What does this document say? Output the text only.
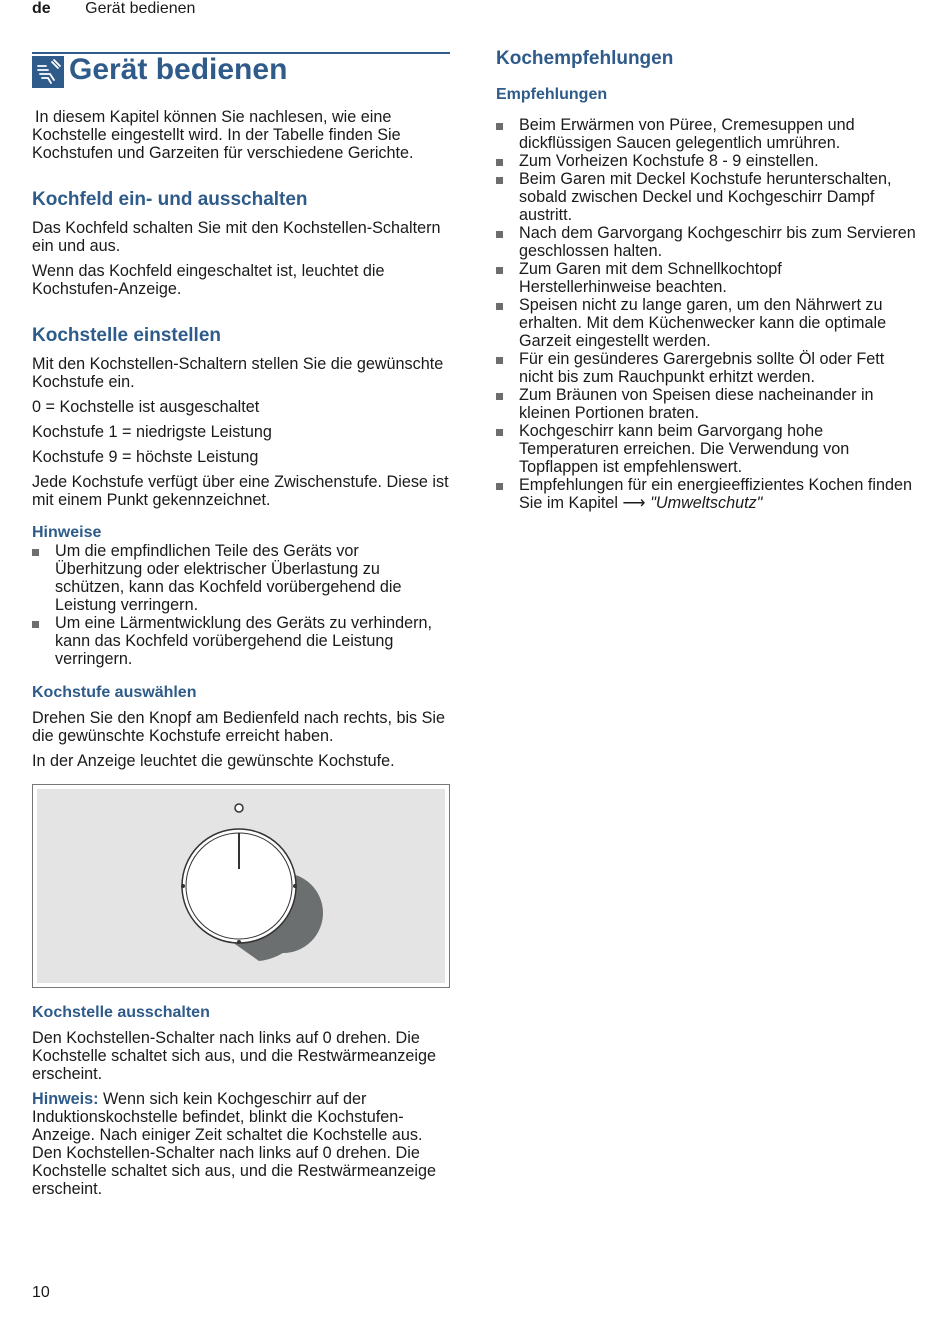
de Gerät bedienen
Gerät bedienen

In diesem Kapitel können Sie nachlesen, wie eine Kochstelle eingestellt wird. In der Tabelle finden Sie Kochstufen und Garzeiten für verschiedene Gerichte.

Kochfeld ein- und ausschalten

Das Kochfeld schalten Sie mit den Kochstellen-Schaltern ein und aus.

Wenn das Kochfeld eingeschaltet ist, leuchtet die Kochstufen-Anzeige.

Kochstelle einstellen

Mit den Kochstellen-Schaltern stellen Sie die gewünschte Kochstufe ein.

0 = Kochstelle ist ausgeschaltet

Kochstufe 1 = niedrigste Leistung

Kochstufe 9 = höchste Leistung

Jede Kochstufe verfügt über eine Zwischenstufe. Diese ist mit einem Punkt gekennzeichnet.

Hinweise
Um die empfindlichen Teile des Geräts vor Überhitzung oder elektrischer Überlastung zu schützen, kann das Kochfeld vorübergehend die Leistung verringern.
Um eine Lärmentwicklung des Geräts zu verhindern, kann das Kochfeld vorübergehend die Leistung verringern.
Kochstufe auswählen

Drehen Sie den Knopf am Bedienfeld nach rechts, bis Sie die gewünschte Kochstufe erreicht haben.

In der Anzeige leuchtet die gewünschte Kochstufe.

Kochstelle ausschalten

Den Kochstellen-Schalter nach links auf 0 drehen. Die Kochstelle schaltet sich aus, und die Restwärmeanzeige erscheint.

Hinweis: Wenn sich kein Kochgeschirr auf der Induktionskochstelle befindet, blinkt die Kochstufen-Anzeige. Nach einiger Zeit schaltet die Kochstelle aus. Den Kochstellen-Schalter nach links auf 0 drehen. Die Kochstelle schaltet sich aus, und die Restwärmeanzeige erscheint.

Kochempfehlungen
Empfehlungen
Beim Erwärmen von Püree, Cremesuppen und dickflüssigen Saucen gelegentlich umrühren.
Zum Vorheizen Kochstufe 8 - 9 einstellen.
Beim Garen mit Deckel Kochstufe herunterschalten, sobald zwischen Deckel und Kochgeschirr Dampf austritt.
Nach dem Garvorgang Kochgeschirr bis zum Servieren geschlossen halten.
Zum Garen mit dem Schnellkochtopf Herstellerhinweise beachten.
Speisen nicht zu lange garen, um den Nährwert zu erhalten. Mit dem Küchenwecker kann die optimale Garzeit eingestellt werden.
Für ein gesünderes Garergebnis sollte Öl oder Fett nicht bis zum Rauchpunkt erhitzt werden.
Zum Bräunen von Speisen diese nacheinander in kleinen Portionen braten.
Kochgeschirr kann beim Garvorgang hohe Temperaturen erreichen. Die Verwendung von Topflappen ist empfehlenswert.
Empfehlungen für ein energieeffizientes Kochen finden Sie im Kapitel ⟶ "Umweltschutz"
10
